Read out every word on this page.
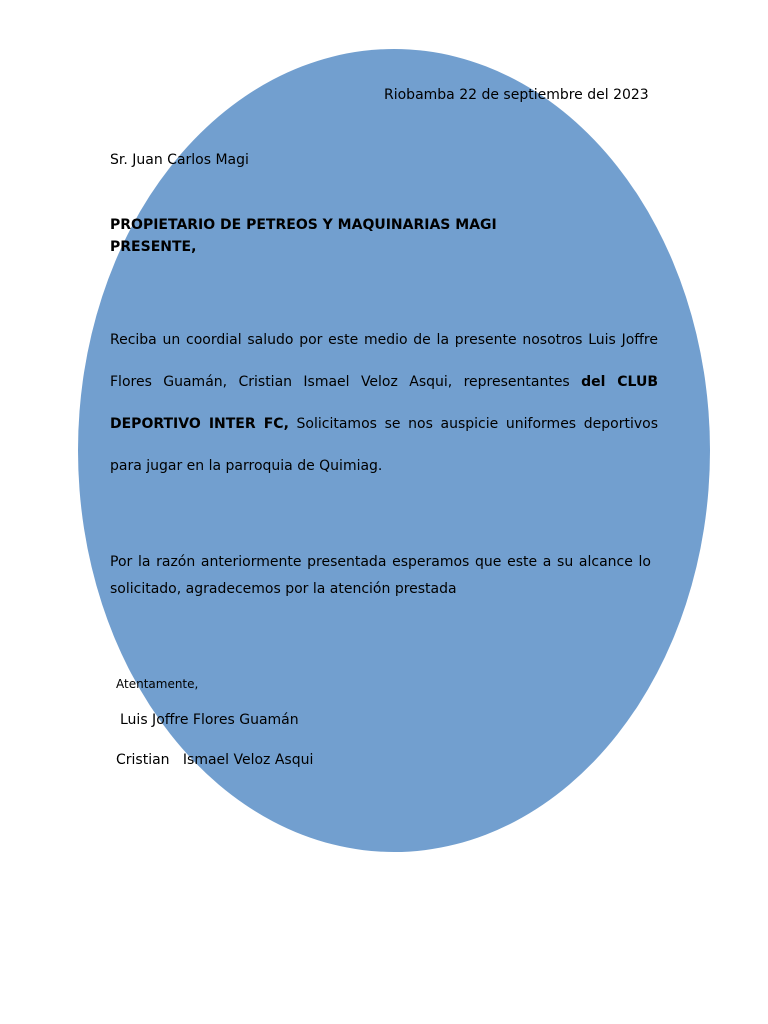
Riobamba 22 de septiembre del 2023
Sr. Juan Carlos Magi
PROPIETARIO DE PETREOS Y MAQUINARIAS MAGI
PRESENTE,
Reciba un coordial saludo por este medio de la presente nosotros Luis Joffre Flores Guamán, Cristian Ismael Veloz Asqui, representantes del CLUB DEPORTIVO INTER FC, Solicitamos se nos auspicie uniformes deportivos para jugar en la parroquia de Quimiag.
Por la razón anteriormente presentada esperamos que este a su alcance lo solicitado, agradecemos por la atención prestada
Atentamente,
Luis Joffre Flores Guamán
Cristian   Ismael Veloz Asqui
